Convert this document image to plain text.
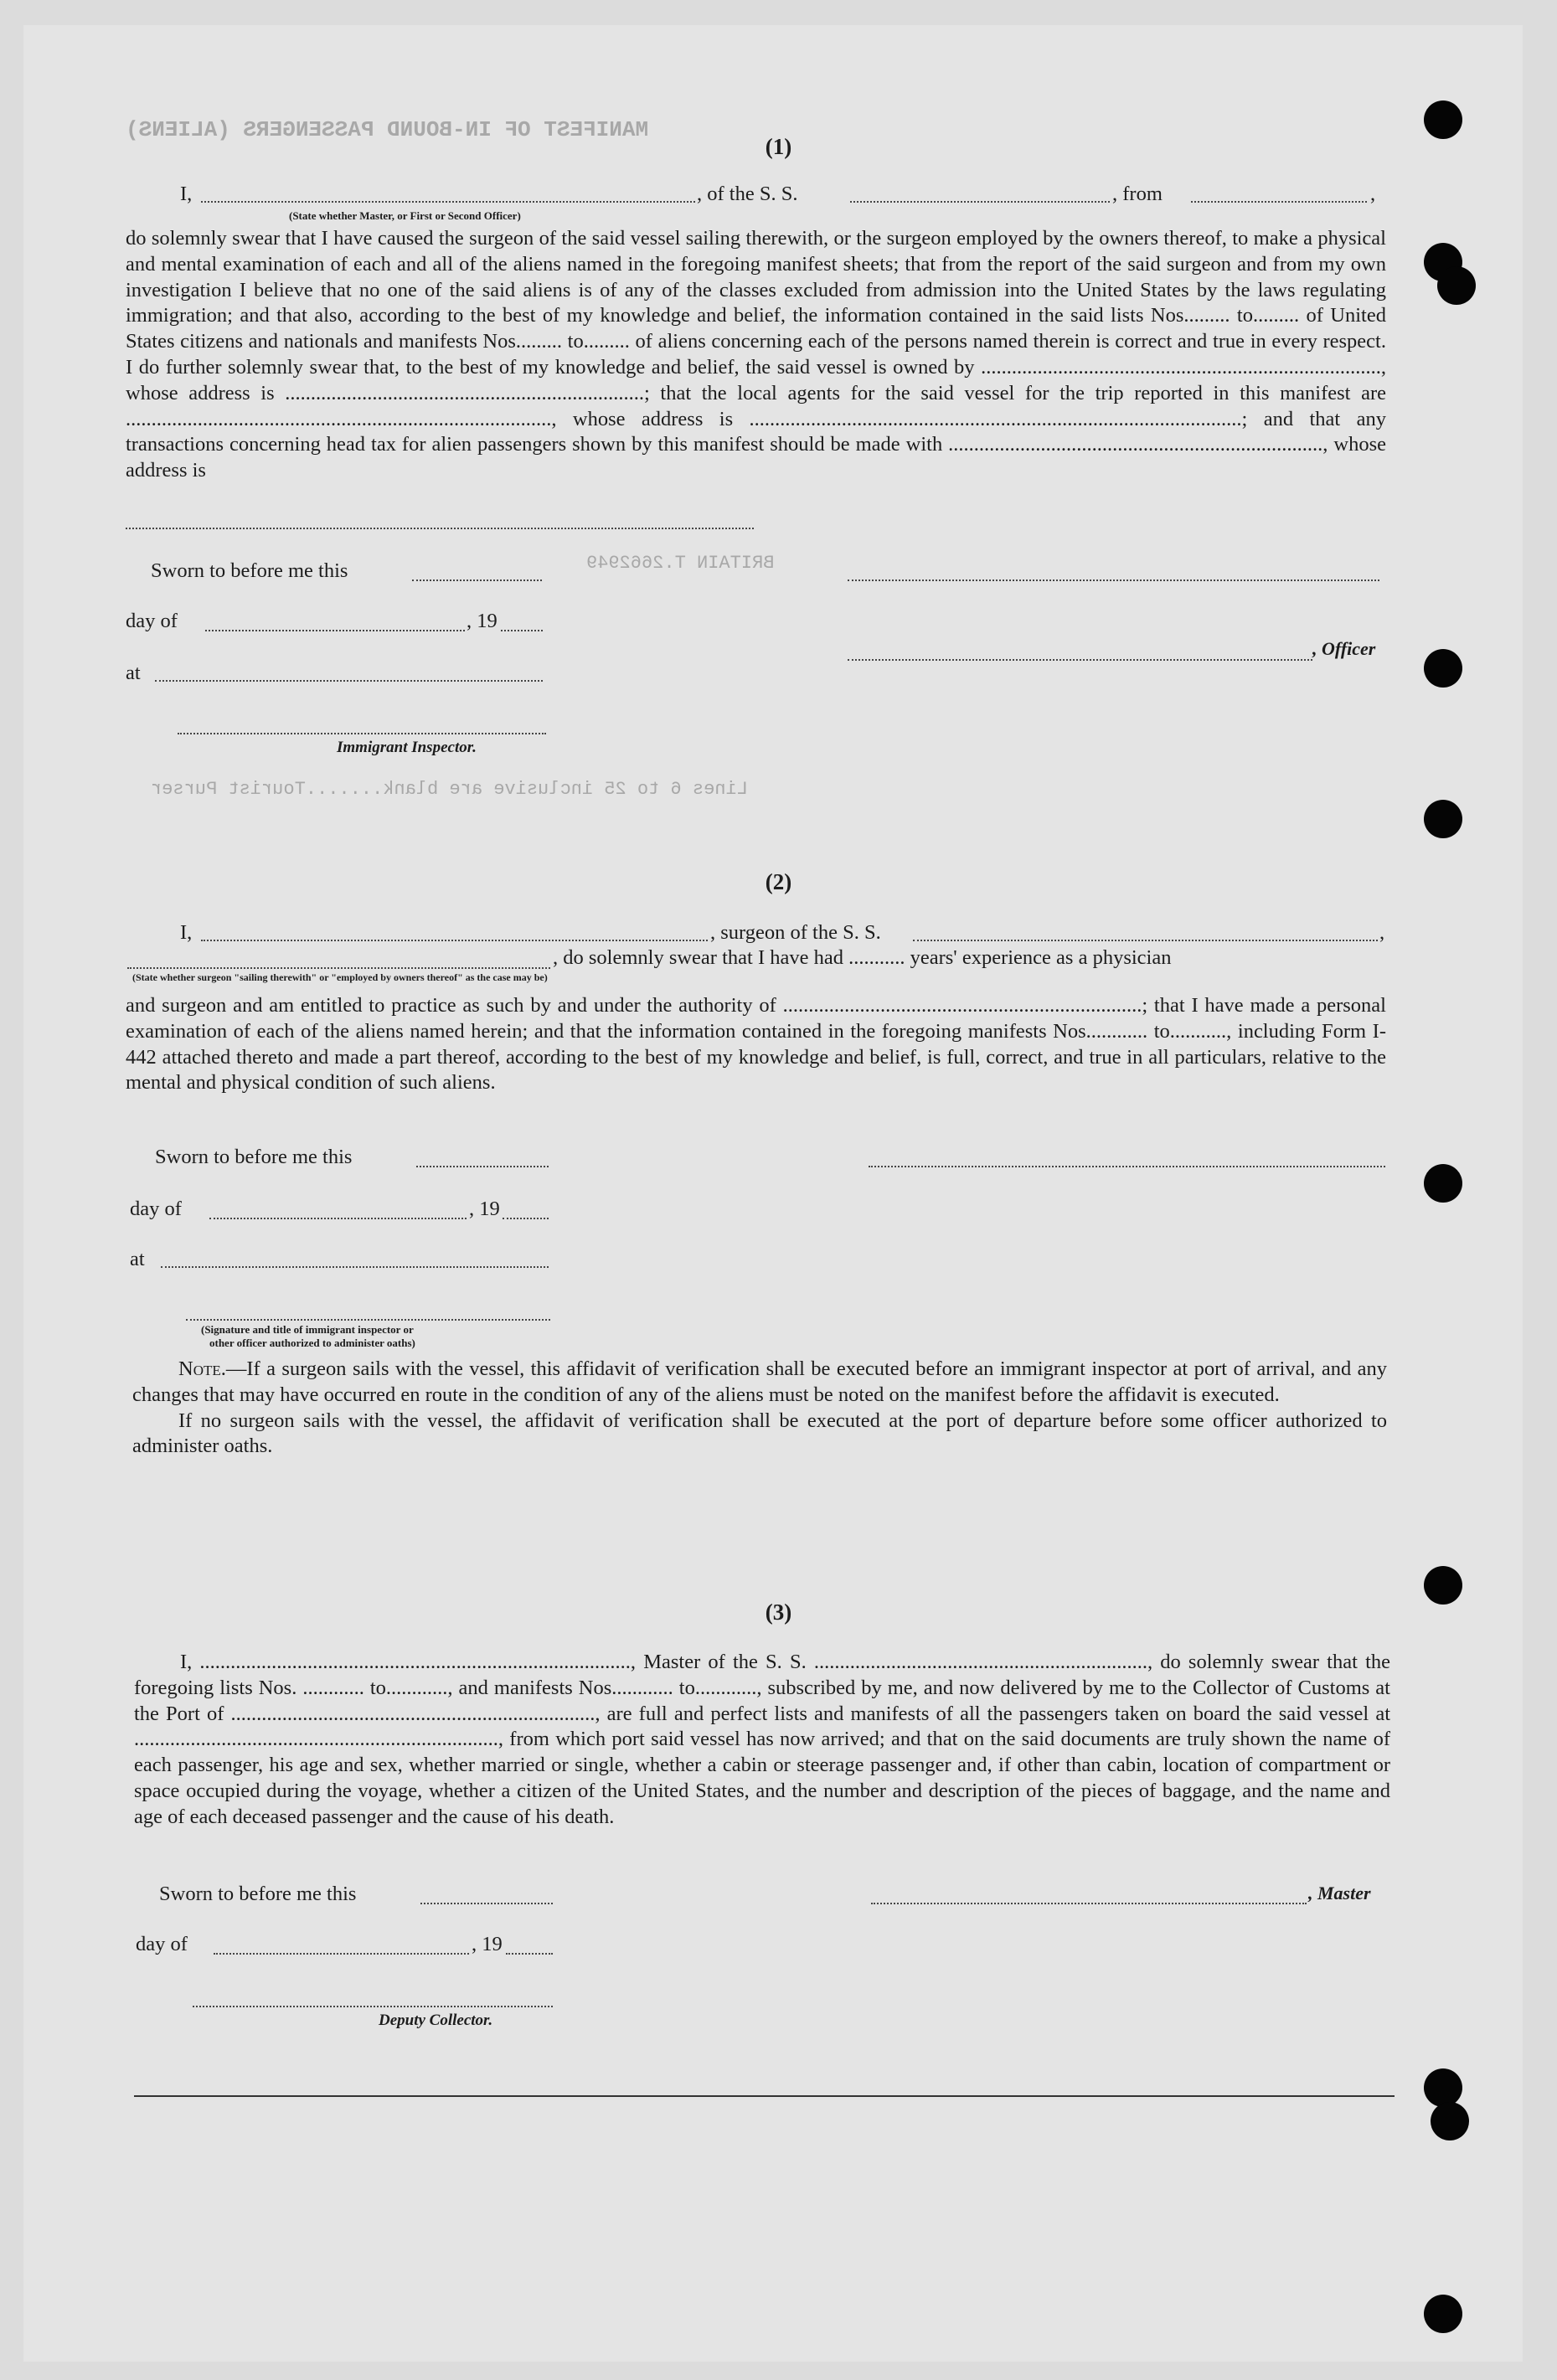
MANIFEST OF IN-BOUND PASSENGERS (ALIENS)
BRITAIN T.2662949
Lines 6 to 25 inclusive are blank.......Tourist Purser
(1)
I,	, of the S. S.	, from	,
(State whether Master, or First or Second Officer)

do solemnly swear that I have caused the surgeon of the said vessel sailing therewith, or the surgeon employed by the owners thereof, to make a physical and mental examination of each and all of the aliens named in the foregoing manifest sheets; that from the report of the said surgeon and from my own investigation I believe that no one of the said aliens is of any of the classes excluded from admission into the United States by the laws regulating immigration; and that also, according to the best of my knowledge and belief, the information contained in the said lists Nos......... to......... of United States citizens and nationals and manifests Nos......... to......... of aliens concerning each of the persons named therein is correct and true in every respect. I do further solemnly swear that, to the best of my knowledge and belief, the said vessel is owned by .............................................................................., whose address is ......................................................................; that the local agents for the said vessel for the trip reported in this manifest are ..................................................................................., whose address is ................................................................................................; and that any transactions concerning head tax for alien passengers shown by this manifest should be made with ........................................................................., whose address is

Sworn to before me this
day of	, 19
, Officer
at
Immigrant Inspector.
(2)
I,	, surgeon of the S. S.	,
, do solemnly swear that I have had ........... years' experience as a physician
(State whether surgeon "sailing therewith" or "employed by owners thereof" as the case may be)

and surgeon and am entitled to practice as such by and under the authority of ......................................................................; that I have made a personal examination of each of the aliens named herein; and that the information contained in the foregoing manifests Nos............ to..........., including Form I-442 attached thereto and made a part thereof, according to the best of my knowledge and belief, is full, correct, and true in all particulars, relative to the mental and physical condition of such aliens.

Sworn to before me this
day of	, 19
at
(Signature and title of immigrant inspector or
other officer authorized to administer oaths)

Note.—If a surgeon sails with the vessel, this affidavit of verification shall be executed before an immigrant inspector at port of arrival, and any changes that may have occurred en route in the condition of any of the aliens must be noted on the manifest before the affidavit is executed.

If no surgeon sails with the vessel, the affidavit of verification shall be executed at the port of departure before some officer authorized to administer oaths.

(3)

I, ...................................................................................., Master of the S. S. ................................................................., do solemnly swear that the foregoing lists Nos. ............ to............, and manifests Nos............ to............, subscribed by me, and now delivered by me to the Collector of Customs at the Port of ......................................................................., are full and perfect lists and manifests of all the passengers taken on board the said vessel at ......................................................................., from which port said vessel has now arrived; and that on the said documents are truly shown the name of each passenger, his age and sex, whether married or single, whether a cabin or steerage passenger and, if other than cabin, location of compartment or space occupied during the voyage, whether a citizen of the United States, and the number and description of the pieces of baggage, and the name and age of each deceased passenger and the cause of his death.

Sworn to before me this	, Master
day of	, 19
Deputy Collector.
